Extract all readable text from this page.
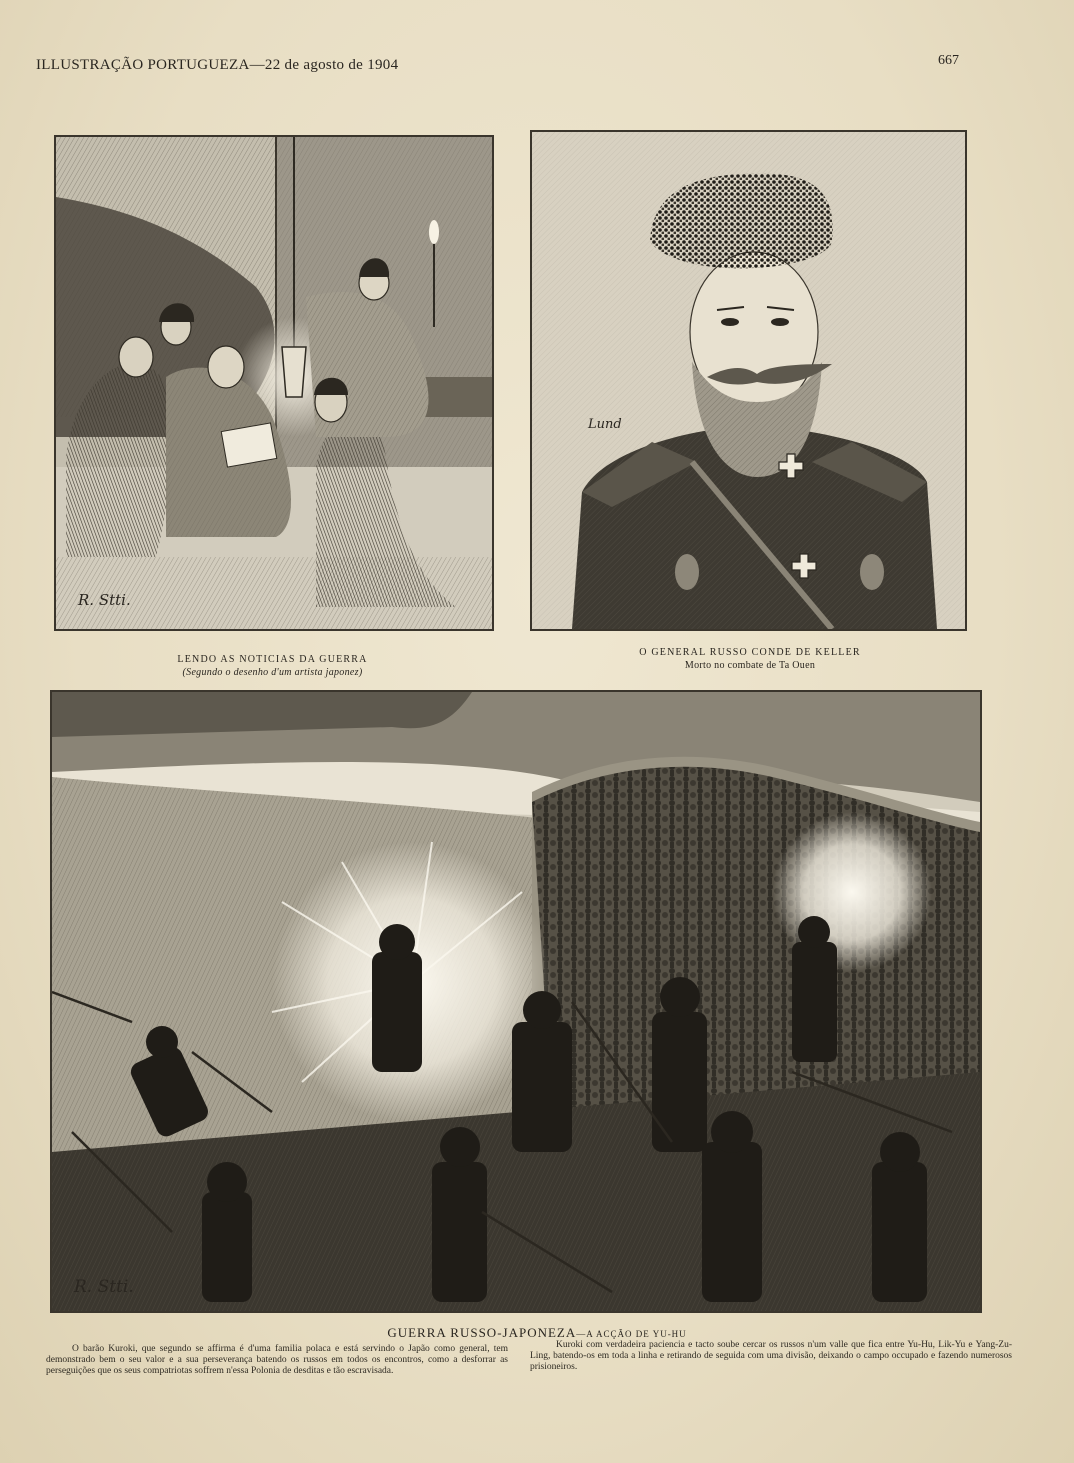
ILLUSTRAÇÃO PORTUGUEZA—22 de agosto de 1904	667
R. Stti.
Lund
LENDO AS NOTICIAS DA GUERRA
(Segundo o desenho d'um artista japonez)
O GENERAL RUSSO CONDE DE KELLER
Morto no combate de Ta Ouen
R. Stti.
GUERRA RUSSO-JAPONEZA—A ACÇÃO DE YU-HU
O barão Kuroki, que segundo se affirma é d'uma familia polaca e está servindo o Japão como general, tem demonstrado bem o seu valor e a sua perseverança batendo os russos em todos os encontros, como a desforrar as perseguições que os seus compatriotas soffrem n'essa Polonia de desditas e tão escravisada.
Kuroki com verdadeira paciencia e tacto soube cercar os russos n'um valle que fica entre Yu-Hu, Lik-Yu e Yang-Zu-Ling, batendo-os em toda a linha e retirando de seguida com uma divisão, deixando o campo occupado e fazendo numerosos prisioneiros.
